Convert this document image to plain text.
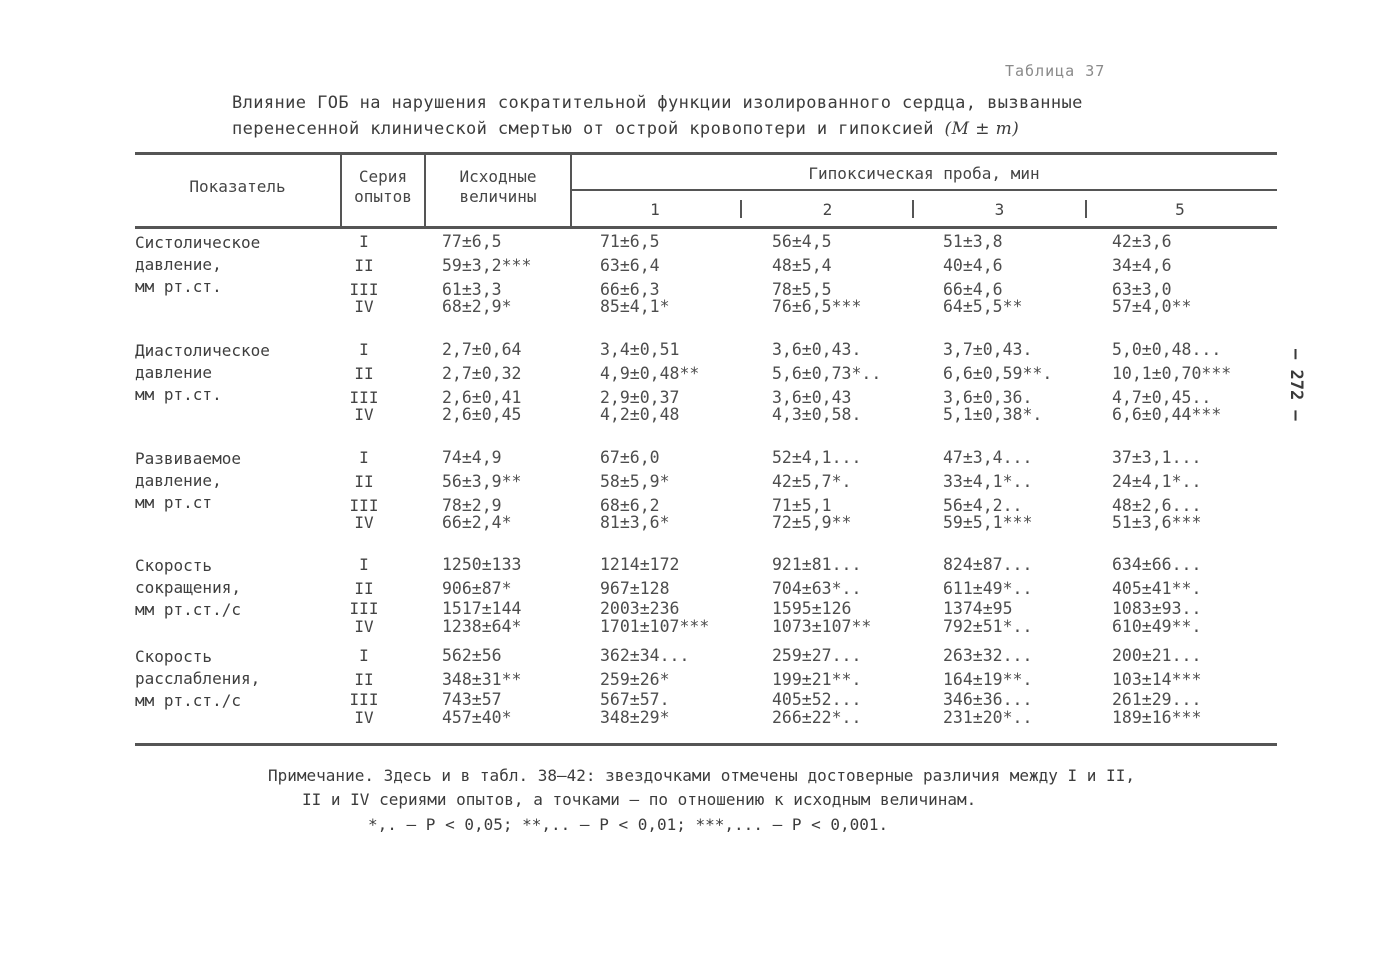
Таблица 37
Влияние ГОБ на нарушения сократительной функции изолированного сердца, вызванные
перенесенной клинической смертью от острой кровопотери и гипоксией (M ± m)
– 272 –
Показатель
Серия опытов
Исходные величины
Гипоксическая проба, мин
1	2	3	5
Систолическое
давление,
мм рт.ст.
I	77±6,5	71±6,5	56±4,5	51±3,8	42±3,6
II	59±3,2***	63±6,4	48±5,4	40±4,6	34±4,6
III	61±3,3	66±6,3	78±5,5	66±4,6	63±3,0
IV	68±2,9*	85±4,1*	76±6,5***	64±5,5**	57±4,0**
Диастолическое
давление
мм рт.ст.
I	2,7±0,64	3,4±0,51	3,6±0,43.	3,7±0,43.	5,0±0,48...
II	2,7±0,32	4,9±0,48**	5,6±0,73*..	6,6±0,59**.	10,1±0,70***
III	2,6±0,41	2,9±0,37	3,6±0,43	3,6±0,36.	4,7±0,45..
IV	2,6±0,45	4,2±0,48	4,3±0,58.	5,1±0,38*.	6,6±0,44***
Развиваемое
давление,
мм рт.ст
I	74±4,9	67±6,0	52±4,1...	47±3,4...	37±3,1...
II	56±3,9**	58±5,9*	42±5,7*.	33±4,1*..	24±4,1*..
III	78±2,9	68±6,2	71±5,1	56±4,2..	48±2,6...
IV	66±2,4*	81±3,6*	72±5,9**	59±5,1***	51±3,6***
Скорость
сокращения,
мм рт.ст./с
I	1250±133	1214±172	921±81...	824±87...	634±66...
II	906±87*	967±128	704±63*..	611±49*..	405±41**.
III	1517±144	2003±236	1595±126	1374±95	1083±93..
IV	1238±64*	1701±107***	1073±107**	792±51*..	610±49**.
Скорость
расслабления,
мм рт.ст./с
I	562±56	362±34...	259±27...	263±32...	200±21...
II	348±31**	259±26*	199±21**.	164±19**.	103±14***
III	743±57	567±57.	405±52...	346±36...	261±29...
IV	457±40*	348±29*	266±22*..	231±20*..	189±16***
Примечание. Здесь и в табл. 38–42: звездочками отмечены достоверные различия между I и II,
II и IV сериями опытов, а точками – по отношению к исходным величинам.
*,. – P < 0,05; **,.. – P < 0,01; ***,... – P < 0,001.
